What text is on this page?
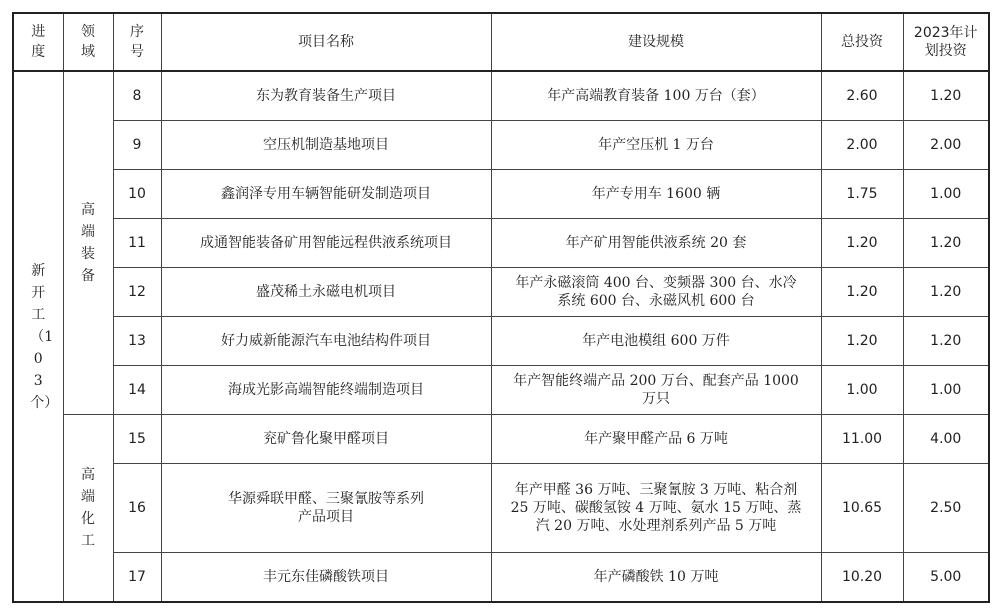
进度	领域	序号	项目名称	建设规模	总投资	2023年计划投资
新开工（103个）	高端装备	8	东为教育装备生产项目	年产高端教育装备 100 万台（套）	2.60	1.20
		9	空压机制造基地项目	年产空压机 1 万台	2.00	2.00
		10	鑫润泽专用车辆智能研发制造项目	年产专用车 1600 辆	1.75	1.00
		11	成通智能装备矿用智能远程供液系统项目	年产矿用智能供液系统 20 套	1.20	1.20
		12	盛茂稀土永磁电机项目	年产永磁滚筒 400 台、变频器 300 台、水冷系统 600 台、永磁风机 600 台	1.20	1.20
		13	好力威新能源汽车电池结构件项目	年产电池模组 600 万件	1.20	1.20
		14	海成光影高端智能终端制造项目	年产智能终端产品 200 万台、配套产品 1000 万只	1.00	1.00
	高端化工	15	兖矿鲁化聚甲醛项目	年产聚甲醛产品 6 万吨	11.00	4.00
		16	华源舜联甲醛、三聚氰胺等系列产品项目	年产甲醛 36 万吨、三聚氰胺 3 万吨、粘合剂 25 万吨、碳酸氢铵 4 万吨、氨水 15 万吨、蒸汽 20 万吨、水处理剂系列产品 5 万吨	10.65	2.50
		17	丰元东佳磷酸铁项目	年产磷酸铁 10 万吨	10.20	5.00
